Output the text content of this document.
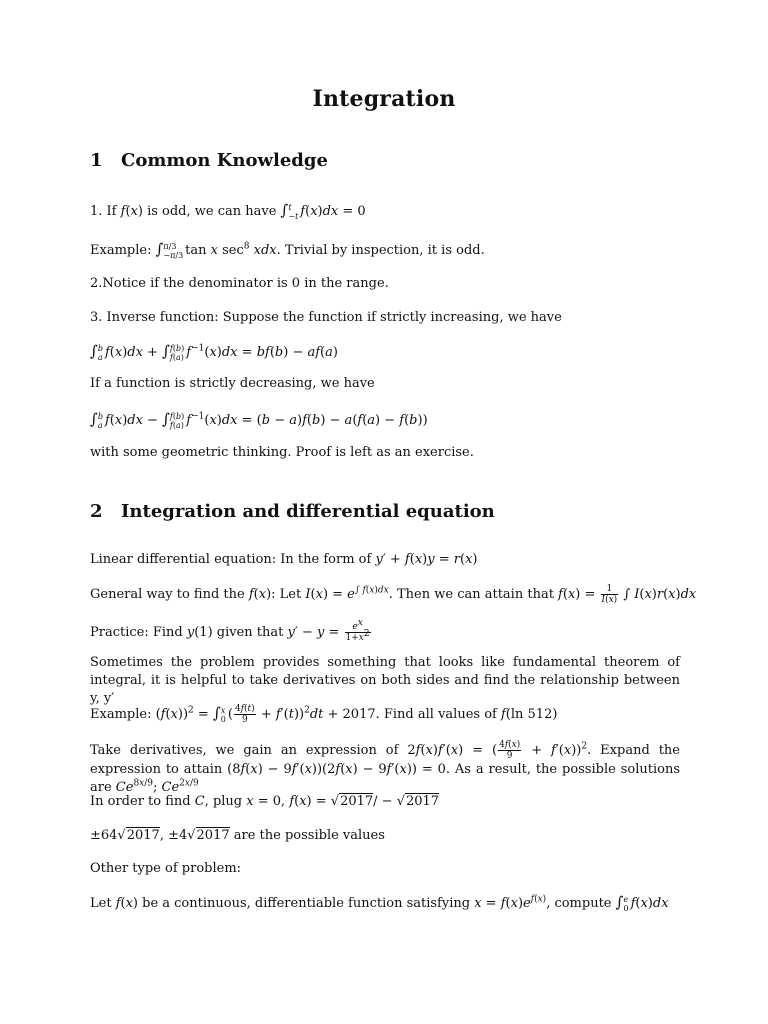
Integration
1 Common Knowledge
1. If f(x) is odd, we can have ∫ t
−t f(x)dx = 0
Example: ∫ π/3
−π/3 tan x $\sec^8$ xdx. Trivial by inspection, it is odd.
2.Notice if the denominator is 0 in the range.
3. Inverse function: Suppose the function if strictly increasing, we have
∫ b
a f(x)dx + ∫ f(b)
f(a) $f^{-1}(x)dx = bf(b) - af(a)$
If a function is strictly decreasing, we have
∫ b
a f(x)dx − ∫ f(b)
f(a) $f^{-1}(x)dx = (b - a)f(b) - a(f(a) - f(b))$
with some geometric thinking. Proof is left as an exercise.
2 Integration and differential equation
Linear differential equation: In the form of y′ + f(x)y = r(x)
General way to find the f(x): Let $I(x) = e^{\int f(x)dx}$. Then we can attain that $f(x) = \frac{1}{I(x)}$ ∫ I(x)r(x)dx
Practice: Find y(1) given that $y' - y = \frac{e^x}{1+x^2}$
Sometimes the problem provides something that looks like fundamental theorem of integral, it is helpful to take derivatives on both sides and find the relationship between y, y′
Example: $(f(x))^2$ = ∫ x
0 ( $\frac{4f(t)}{9} + f'(t))^2dt + 2017$. Find all values of f(ln 512)
Take derivatives, we gain an expression of 2f(x)f′(x) = ( $\frac{4f(x)}{9} + f'(x))^2$. Expand the expression to attain (8f(x) − 9f′(x))(2f(x) − 9f′(x)) = 0. As a result, the possible solutions are $Ce^{8x/9}$; $Ce^{2x/9}$
In order to find C, plug x = 0, f(x) = √2017/ − √2017
±64√2017, ±4√2017 are the possible values
Other type of problem:
Let f(x) be a continuous, differentiable function satisfying $x = f(x)e^{f(x)}$, compute ∫ e
0 f(x)dx
